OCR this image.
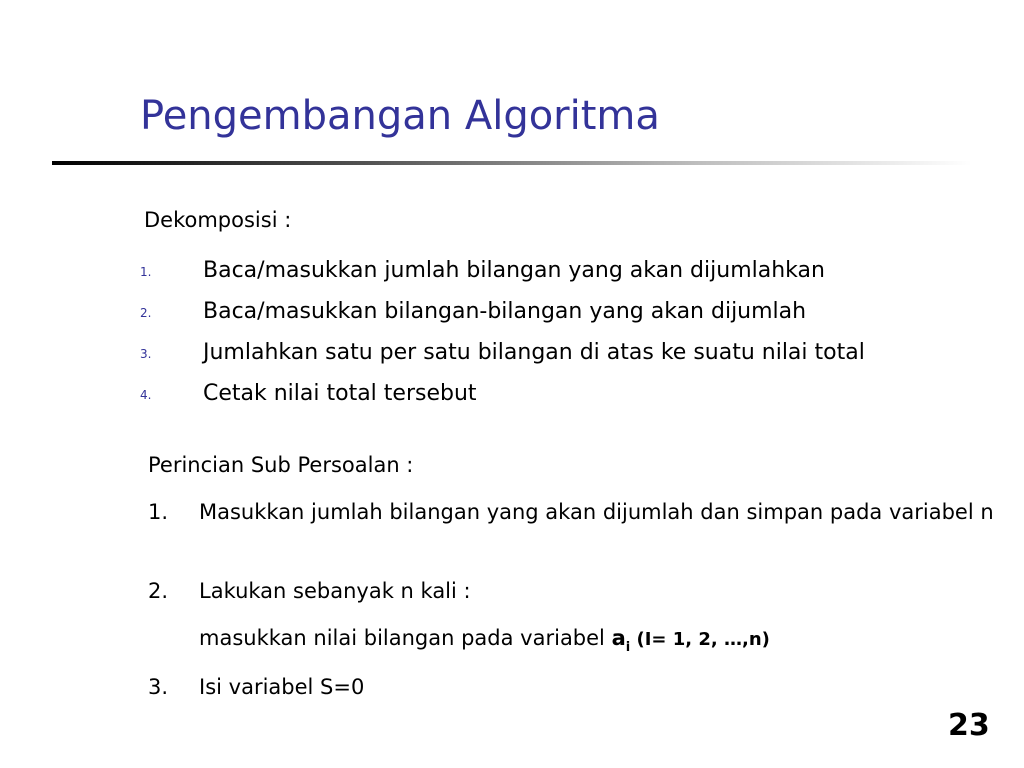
Pengembangan Algoritma
Dekomposisi :
1. Baca/masukkan jumlah bilangan yang akan dijumlahkan
2. Baca/masukkan bilangan-bilangan yang akan dijumlah
3. Jumlahkan satu per satu bilangan di atas ke suatu nilai total
4. Cetak nilai total tersebut
Perincian Sub Persoalan :
1. Masukkan jumlah bilangan yang akan dijumlah dan simpan pada variabel n
2. Lakukan sebanyak n kali :
masukkan nilai bilangan pada variabel $a_i$ (I= 1, 2, …,n)
3. Isi variabel S=0
23
